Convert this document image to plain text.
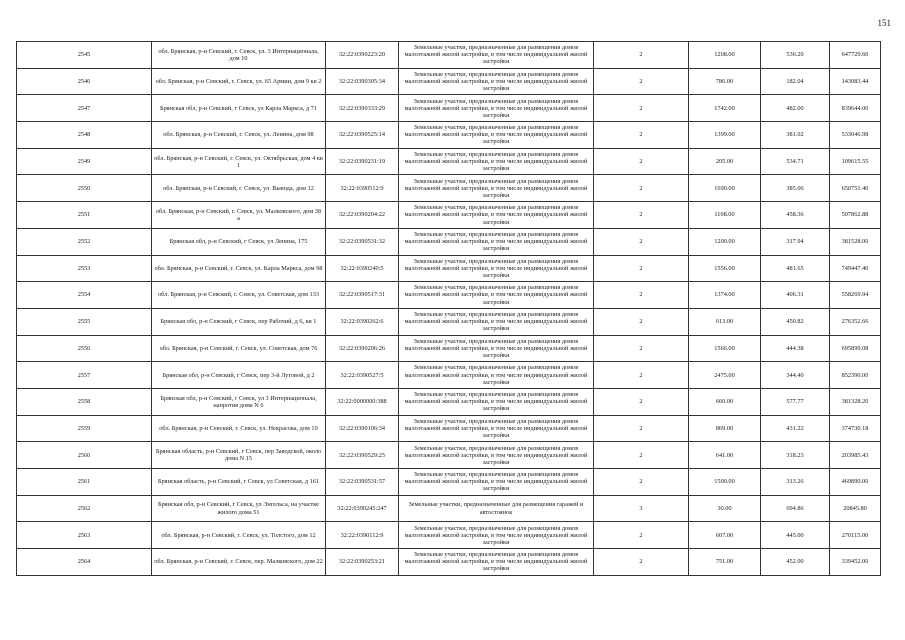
151
2545	обл. Брянская, р-н Севский, г. Севск, ул. 3 Интернационала, дом 10	32:22:0390223:20	Земельные участки, предназначенные для размещения домов малоэтажной жилой застройки, в том числе индивидуальной жилой застройки	2	1208.00	536.20	647729.60
2546	обл. Брянская, р-н Севский, г. Севск, ул. 65 Армии, дом 9 кв 2	32:22:0390305:34	Земельные участки, предназначенные для размещения домов малоэтажной жилой застройки, в том числе индивидуальной жилой застройки	2	786.00	182.04	143083.44
2547	Брянская обл, р-н Севский, г Севск, ул Карла Маркса, д 71	32:22:0390333:29	Земельные участки, предназначенные для размещения домов малоэтажной жилой застройки, в том числе индивидуальной жилой застройки	2	1742.00	482.00	839644.00
2548	обл. Брянская, р-н Севский, г. Севск, ул. Ленина, дом 98	32:22:0390525:14	Земельные участки, предназначенные для размещения домов малоэтажной жилой застройки, в том числе индивидуальной жилой застройки	2	1399.00	381.02	533046.98
2549	обл. Брянская, р-н Севский, г. Севск, ул. Октябрьская, дом 4 кв 1	32:22:0390231:19	Земельные участки, предназначенные для размещения домов малоэтажной жилой застройки, в том числе индивидуальной жилой застройки	2	205.00	534.71	109615.55
2550	обл. Брянская, р-н Севский, г. Севск, ул. Вывода, дом 12	32:22:0390512:9	Земельные участки, предназначенные для размещения домов малоэтажной жилой застройки, в том числе индивидуальной жилой застройки	2	1690.00	385.06	650751.40
2551	обл. Брянская, р-н Севский, г. Севск, ул. Малковского, дом 38 а	32:22:0390204:22	Земельные участки, предназначенные для размещения домов малоэтажной жилой застройки, в том числе индивидуальной жилой застройки	2	1108.00	458.36	507862.88
2552	Брянская обл, р-н Севский, г Севск, ул Ленина, 175	32:22:0390531:32	Земельные участки, предназначенные для размещения домов малоэтажной жилой застройки, в том числе индивидуальной жилой застройки	2	1200.00	317.94	381528.00
2553	обл. Брянская, р-н Севский, г. Севск, ул. Карла Маркса, дом 98	32:22:0390240:5	Земельные участки, предназначенные для размещения домов малоэтажной жилой застройки, в том числе индивидуальной жилой застройки	2	1556.00	481.65	749447.40
2554	обл. Брянская, р-н Севский, г. Севск, ул. Советская, дом 133	32:22:0390517:31	Земельные участки, предназначенные для размещения домов малоэтажной жилой застройки, в том числе индивидуальной жилой застройки	2	1374.00	406.31	558269.94
2555	Брянская обл, р-н Севский, г Севск, пер Рабочий, д 6, кв 1	32:22:0390262:6	Земельные участки, предназначенные для размещения домов малоэтажной жилой застройки, в том числе индивидуальной жилой застройки	2	613.00	450.82	276352.66
2556	обл. Брянская, р-н Севский, г. Севск, ул. Советская, дом 76	32:22:0390206:26	Земельные участки, предназначенные для размещения домов малоэтажной жилой застройки, в том числе индивидуальной жилой застройки	2	1566.00	444.38	695899.08
2557	Брянская обл, р-н Севский, г Севск, пер 3-й Луговой, д 2	32:22:0390527:5	Земельные участки, предназначенные для размещения домов малоэтажной жилой застройки, в том числе индивидуальной жилой застройки	2	2475.00	344.40	852390.00
2558	Брянская обл, р-н Севский, г Севск, ул 3 Интернационала, напротив дома N 6	32:22:0000000:388	Земельные участки, предназначенные для размещения домов малоэтажной жилой застройки, в том числе индивидуальной жилой застройки	2	660.00	577.77	381328.20
2559	обл. Брянская, р-н Севский, г. Севск, ул. Некрасова, дом 19	32:22:0390106:34	Земельные участки, предназначенные для размещения домов малоэтажной жилой застройки, в том числе индивидуальной жилой застройки	2	869.00	431.22	374730.18
2560	Брянская область, р-н Севский, г Севск, пер Заводской, около дома N 15	32:22:0390529:25	Земельные участки, предназначенные для размещения домов малоэтажной жилой застройки, в том числе индивидуальной жилой застройки	2	641.00	318.23	203985.43
2561	Брянская область, р-н Севский, г Севск, ул Советская, д 161	32:22:0390531:57	Земельные участки, предназначенные для размещения домов малоэтажной жилой застройки, в том числе индивидуальной жилой застройки	2	1500.00	313.26	469890.00
2562	Брянская обл, р-н Севский, г Севск, ул Энгельса, на участке жилого дома 51	32:22:0390245:247	Земельные участки, предназначенные для размещения гаражей и автостоянок	3	30.00	694.86	20845.80
2563	обл. Брянская, р-н Севский, г. Севск, ул. Толстого, дом 12	32:22:0390112:9	Земельные участки, предназначенные для размещения домов малоэтажной жилой застройки, в том числе индивидуальной жилой застройки	2	607.00	445.00	270115.00
2564	обл. Брянская, р-н Севский, г. Севск, пер. Малковского, дом 22	32:22:0390253:21	Земельные участки, предназначенные для размещения домов малоэтажной жилой застройки, в том числе индивидуальной жилой застройки	2	751.00	452.00	339452.00
